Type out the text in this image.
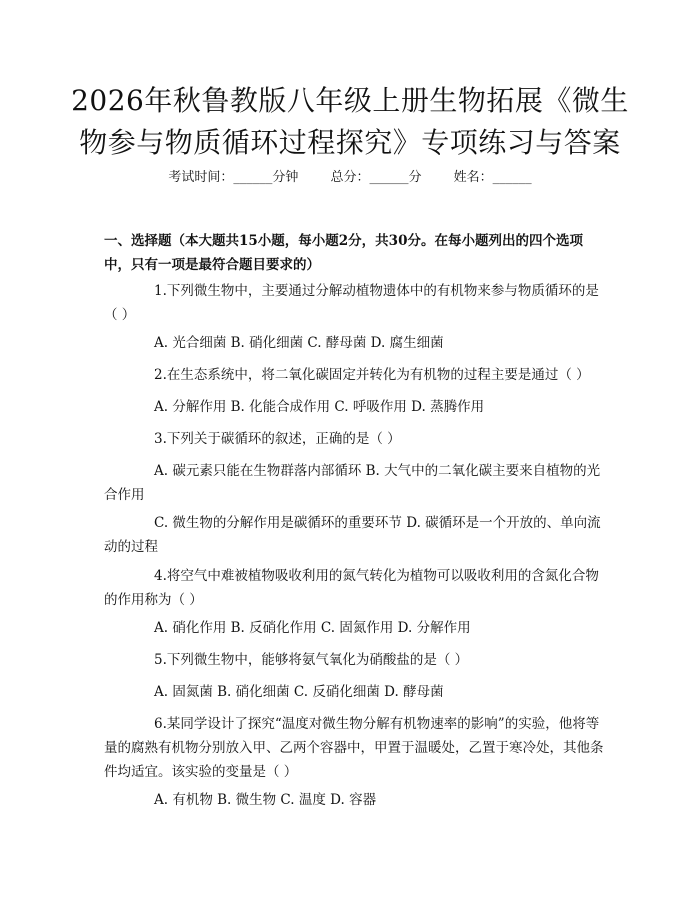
2026年秋鲁教版八年级上册生物拓展《微生
物参与物质循环过程探究》专项练习与答案
考试时间：______分钟 总分：______分 姓名：______
一、选择题（本大题共15小题，每小题2分，共30分。在每小题列出的四个选项中，只有一项是最符合题目要求的）
1.下列微生物中，主要通过分解动植物遗体中的有机物来参与物质循环的是（ ）
A. 光合细菌 B. 硝化细菌 C. 酵母菌 D. 腐生细菌
2.在生态系统中，将二氧化碳固定并转化为有机物的过程主要是通过（ ）
A. 分解作用 B. 化能合成作用 C. 呼吸作用 D. 蒸腾作用
3.下列关于碳循环的叙述，正确的是（ ）
A. 碳元素只能在生物群落内部循环 B. 大气中的二氧化碳主要来自植物的光合作用
C. 微生物的分解作用是碳循环的重要环节 D. 碳循环是一个开放的、单向流动的过程
4.将空气中难被植物吸收利用的氮气转化为植物可以吸收利用的含氮化合物的作用称为（ ）
A. 硝化作用 B. 反硝化作用 C. 固氮作用 D. 分解作用
5.下列微生物中，能够将氨气氧化为硝酸盐的是（ ）
A. 固氮菌 B. 硝化细菌 C. 反硝化细菌 D. 酵母菌
6.某同学设计了探究“温度对微生物分解有机物速率的影响”的实验，他将等量的腐熟有机物分别放入甲、乙两个容器中，甲置于温暖处，乙置于寒冷处，其他条件均适宜。该实验的变量是（ ）
A. 有机物 B. 微生物 C. 温度 D. 容器
